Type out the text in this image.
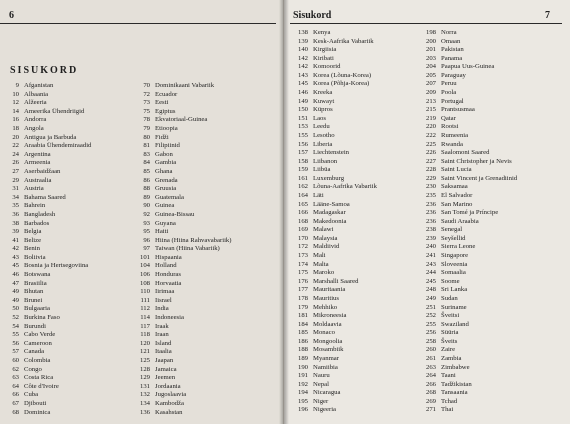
6
SISUKORD
9 Afganistan
10 Albaania
12 Alžeeria
14 Ameerika Ühendriigid
16 Andorra
18 Angola
20 Antigua ja Barbuda
22 Araabia Ühendemiraadid
24 Argentina
26 Armeenia
27 Aserbaidžaan
29 Austraalia
31 Austria
34 Bahama Saared
35 Bahrein
36 Bangladesh
38 Barbados
39 Belgia
41 Belize
42 Benin
43 Boliivia
45 Bosnia ja Hertsegoviina
46 Botswana
47 Brasiilia
49 Bhutan
49 Brunei
50 Bulgaaria
52 Burkina Faso
54 Burundi
55 Cabo Verde
56 Cameroon
57 Canada
60 Colombia
62 Congo
63 Costa Rica
64 Côte d'Ivoire
66 Cuba
67 Djibouti
68 Dominica
70 Dominikaani Vabariik
72 Ecuador
73 Eesti
75 Egiptus
78 Ekvatoriaal-Guinea
79 Etioopia
80 Fidži
81 Filipiinid
83 Gabon
84 Gambia
85 Ghana
86 Grenada
88 Gruusia
89 Guatemala
90 Guinea
92 Guinea-Bissau
93 Guyana
95 Haiti
96 Hiina (Hiina Rahvavabariik)
97 Taiwan (Hiina Vabariik)
101 Hispaania
104 Holland
106 Honduras
108 Horvaatia
110 Iirimaa
111 Iisrael
112 India
114 Indoneesia
117 Iraak
118 Iraan
120 Island
121 Itaalia
125 Jaapan
128 Jamaica
129 Jeemen
131 Jordaania
132 Jugoslaavia
134 Kambodža
136 Kasahstan
Sisukord	7
138 Kenya
139 Kesk-Aafrika Vabariik
140 Kirgiisia
142 Kiribati
142 Komoorid
143 Korea (Lõuna-Korea)
145 Korea (Põhja-Korea)
146 Kreeka
149 Kuwayt
150 Küpros
151 Laos
153 Leedu
155 Lesotho
156 Liberia
157 Liechtenstein
158 Liibanon
159 Liibüa
161 Luxemburg
162 Lõuna-Aafrika Vabariik
164 Läti
165 Lääne-Samoa
166 Madagaskar
168 Makedoonia
169 Malawi
170 Malaysia
172 Maldiivid
173 Mali
174 Malta
175 Maroko
176 Marshalli Saared
177 Mauritaania
178 Mauritius
179 Mehhiko
181 Mikroneesia
184 Moldaavia
185 Monaco
186 Mongoolia
188 Mosambiik
189 Myanmar
190 Namiibia
191 Nauru
192 Nepal
194 Nicaragua
195 Niger
196 Nigeeria
198 Norra
200 Omaan
201 Pakistan
203 Panama
204 Paapua Uus-Guinea
205 Paraguay
207 Peruu
209 Poola
213 Portugal
215 Prantsusmaa
219 Qatar
220 Rootsi
222 Rumeenia
225 Rwanda
226 Saalomoni Saared
227 Saint Christopher ja Nevis
228 Saint Lucia
229 Saint Vincent ja Grenadiinid
230 Saksamaa
235 El Salvador
236 San Marino
236 San Tomé ja Príncipe
236 Saudi Araabia
238 Senegal
239 Seyšellid
240 Sierra Leone
241 Singapore
243 Sloveenia
244 Somaalia
245 Soome
248 Sri Lanka
249 Sudan
251 Suriname
252 Šveitsi
255 Swaziland
256 Süüria
258 Šveits
260 Zaire
261 Zambia
263 Zimbabwe
264 Taani
266 Tadžikistan
268 Tansaania
269 Tchad
271 Thai
